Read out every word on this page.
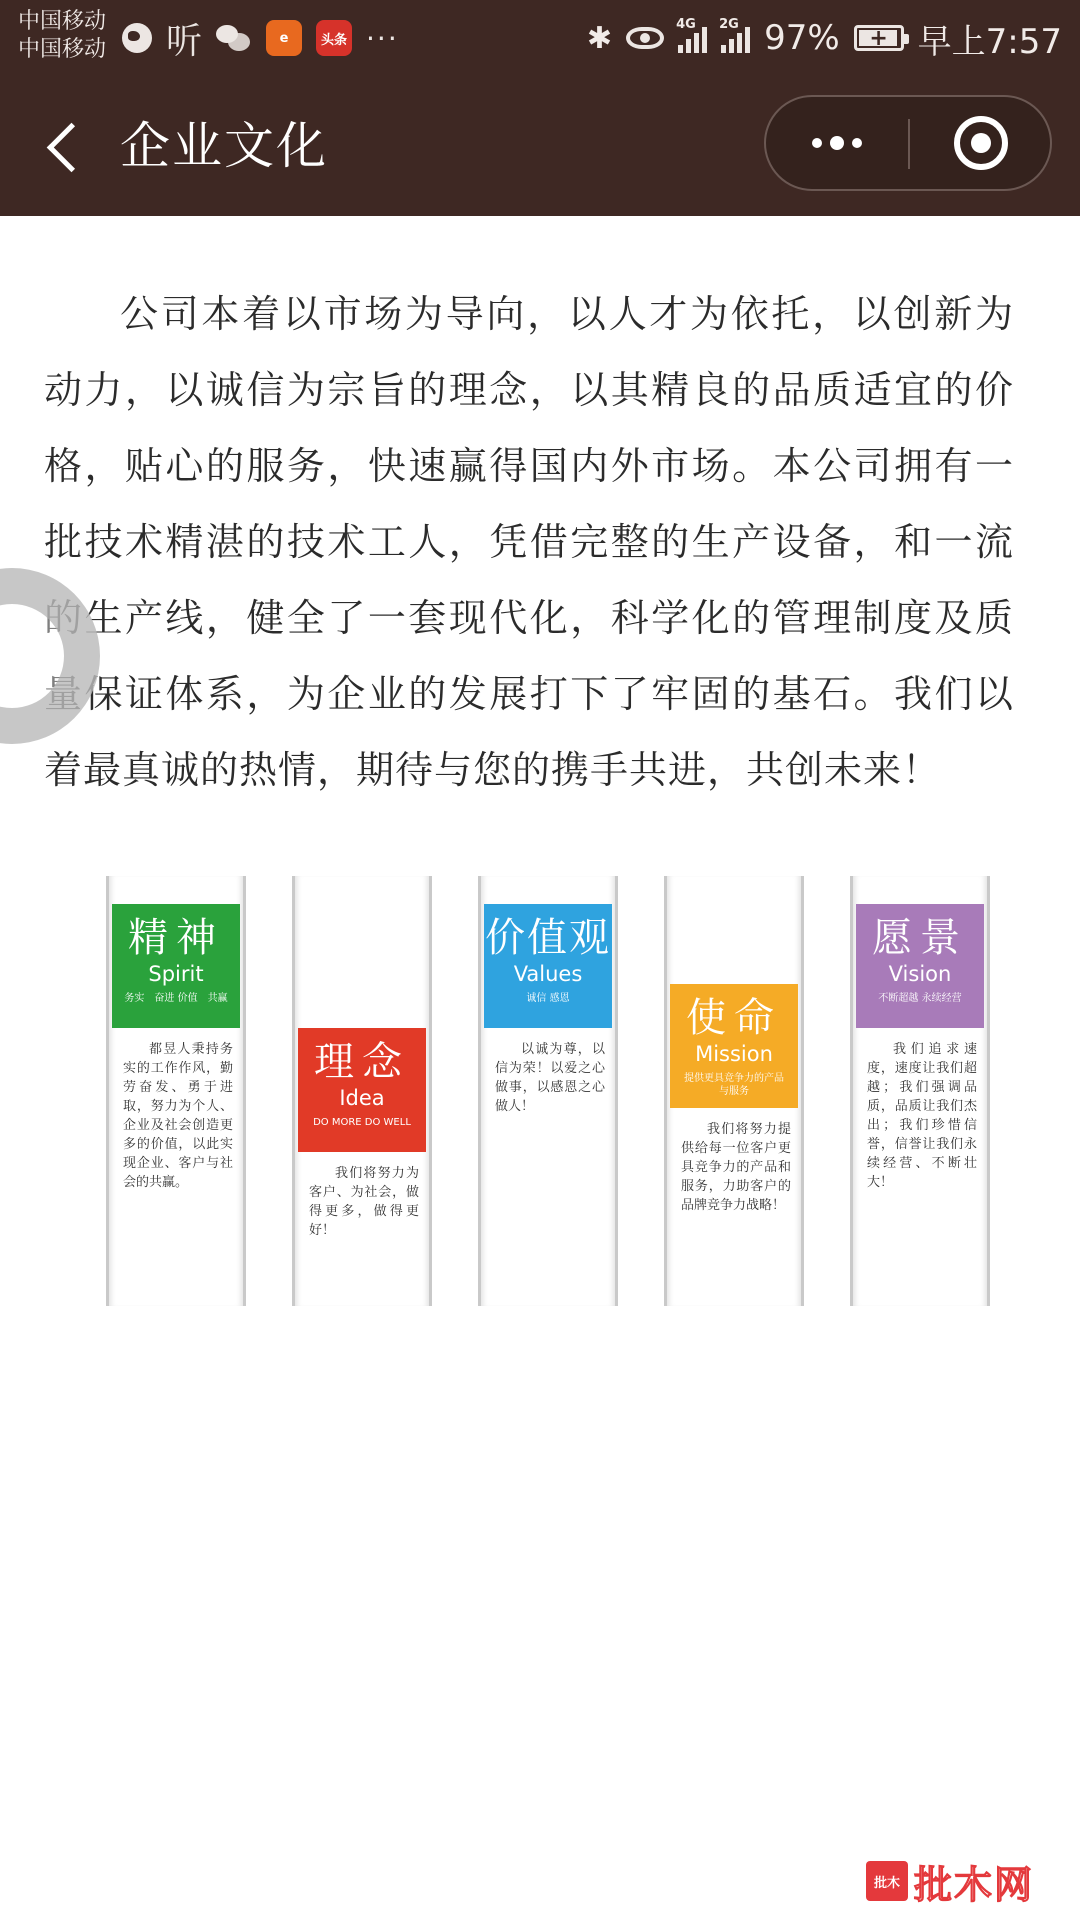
中国移动
中国移动 听	e	头条 ···	✱	4G 2G 97% + 早上7:57
企业文化

公司本着以市场为导向，以人才为依托，以创新为动力，以诚信为宗旨的理念，以其精良的品质适宜的价格，贴心的服务，快速赢得国内外市场。本公司拥有一批技术精湛的技术工人，凭借完整的生产设备，和一流的生产线，健全了一套现代化，科学化的管理制度及质量保证体系，为企业的发展打下了牢固的基石。我们以着最真诚的热情，期待与您的携手共进，共创未来！

精神
Spirit
务实　奋进 价值　共赢
都昱人秉持务实的工作作风，勤劳奋发、勇于进取，努力为个人、企业及社会创造更多的价值，以此实现企业、客户与社会的共赢。
理念
Idea
DO MORE DO WELL
我们将努力为客户、为社会，做得更多，做得更好！
价值观
Values
诚信 感恩
以诚为尊，以信为荣！以爱之心做事，以感恩之心做人！
使命
Mission
提供更具竞争力的产品与服务
我们将努力提供给每一位客户更具竞争力的产品和服务，力助客户的品牌竞争力战略！
愿景
Vision
不断超越 永续经营
我们追求速度，速度让我们超越；我们强调品质，品质让我们杰出；我们珍惜信誉，信誉让我们永续经营、不断壮大！
批木 批木网
